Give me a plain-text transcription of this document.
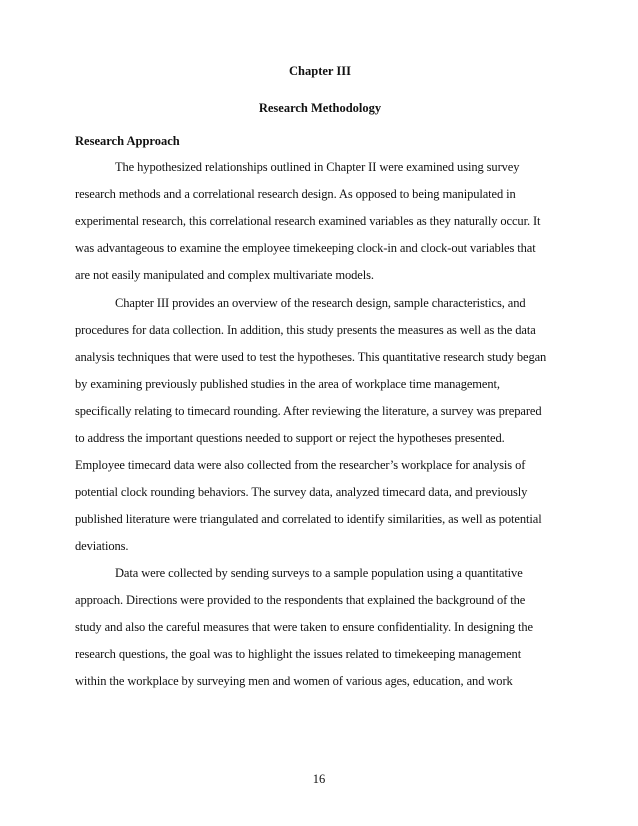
Chapter III
Research Methodology
Research Approach
The hypothesized relationships outlined in Chapter II were examined using survey
research methods and a correlational research design. As opposed to being manipulated in
experimental research, this correlational research examined variables as they naturally occur. It
was advantageous to examine the employee timekeeping clock-in and clock-out variables that
are not easily manipulated and complex multivariate models.
Chapter III provides an overview of the research design, sample characteristics, and
procedures for data collection. In addition, this study presents the measures as well as the data
analysis techniques that were used to test the hypotheses. This quantitative research study began
by examining previously published studies in the area of workplace time management,
specifically relating to timecard rounding. After reviewing the literature, a survey was prepared
to address the important questions needed to support or reject the hypotheses presented.
Employee timecard data were also collected from the researcher’s workplace for analysis of
potential clock rounding behaviors. The survey data, analyzed timecard data, and previously
published literature were triangulated and correlated to identify similarities, as well as potential
deviations.
Data were collected by sending surveys to a sample population using a quantitative
approach. Directions were provided to the respondents that explained the background of the
study and also the careful measures that were taken to ensure confidentiality. In designing the
research questions, the goal was to highlight the issues related to timekeeping management
within the workplace by surveying men and women of various ages, education, and work
16
